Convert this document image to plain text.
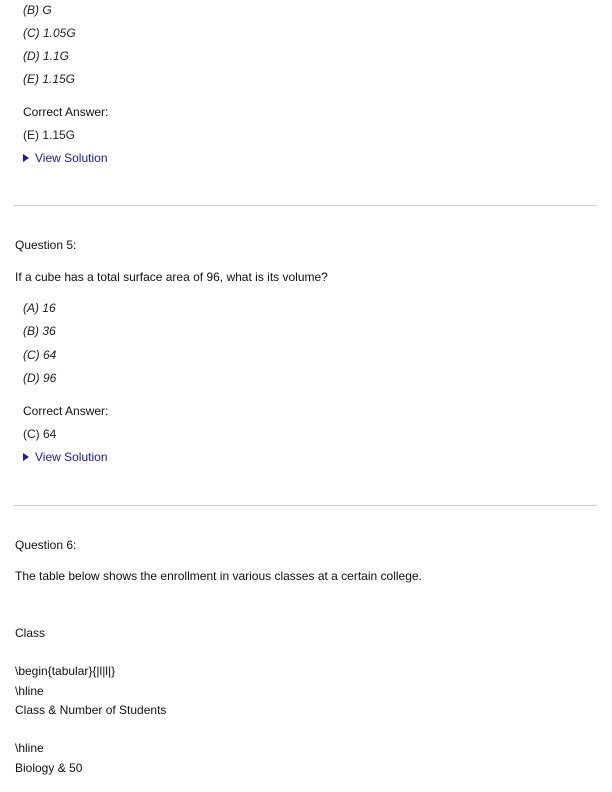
(B) G
(C) 1.05G
(D) 1.1G
(E) 1.15G
Correct Answer:
(E) 1.15G
View Solution
Question 5:
If a cube has a total surface area of 96, what is its volume?
(A) 16
(B) 36
(C) 64
(D) 96
Correct Answer:
(C) 64
View Solution
Question 6:
The table below shows the enrollment in various classes at a certain college.
Class
\begin{tabular}{|l|l|}
\hline
Class & Number of Students
\hline
Biology & 50
